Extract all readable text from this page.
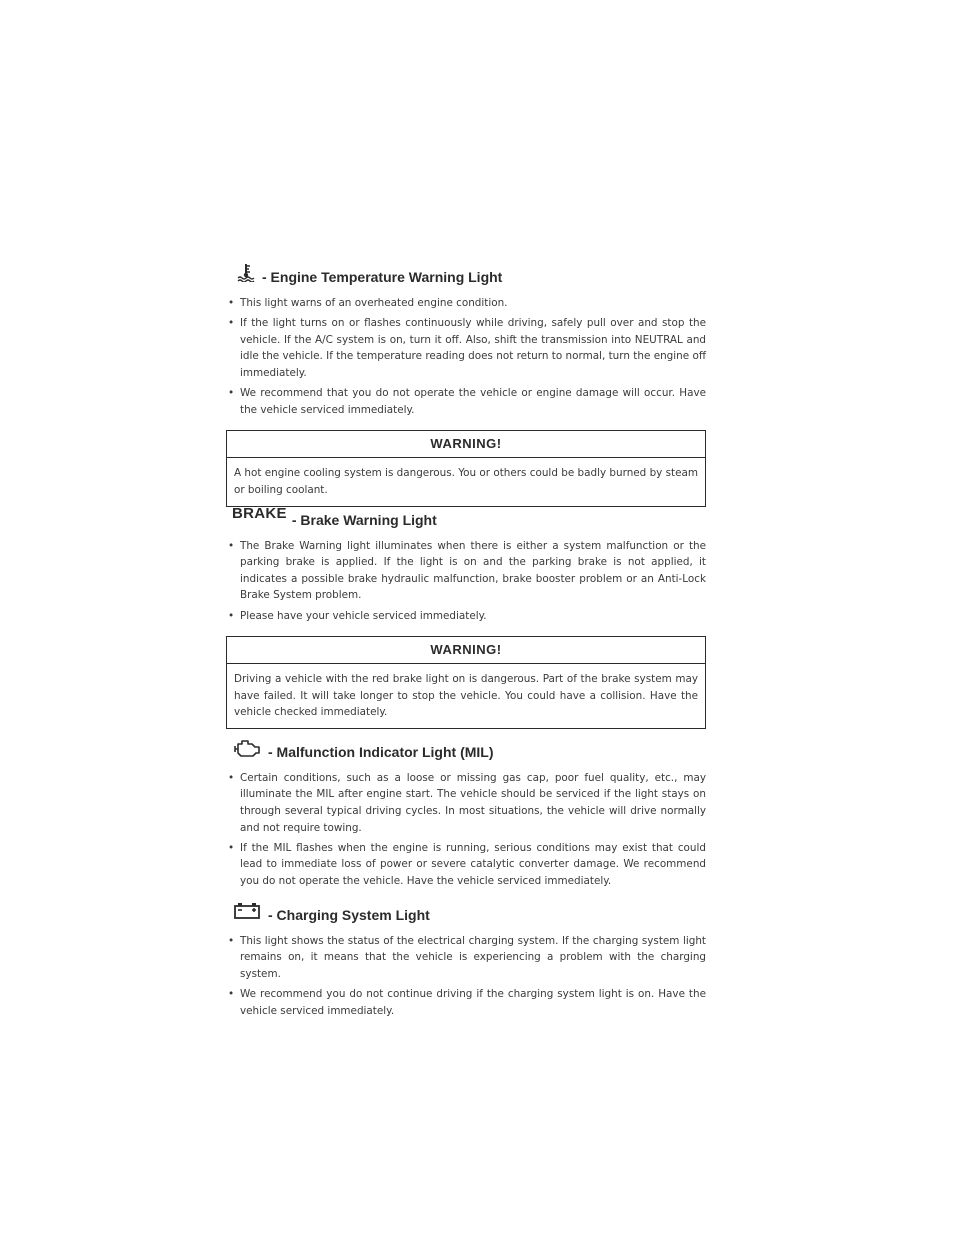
- Engine Temperature Warning Light
• This light warns of an overheated engine condition.
• If the light turns on or flashes continuously while driving, safely pull over and stop the vehicle. If the A/C system is on, turn it off. Also, shift the transmission into NEUTRAL and idle the vehicle. If the temperature reading does not return to normal, turn the engine off immediately.
• We recommend that you do not operate the vehicle or engine damage will occur. Have the vehicle serviced immediately.
WARNING!
A hot engine cooling system is dangerous. You or others could be badly burned by steam or boiling coolant.
BRAKE - Brake Warning Light
• The Brake Warning light illuminates when there is either a system malfunction or the parking brake is applied. If the light is on and the parking brake is not applied, it indicates a possible brake hydraulic malfunction, brake booster problem or an Anti-Lock Brake System problem.
• Please have your vehicle serviced immediately.
WARNING!
Driving a vehicle with the red brake light on is dangerous. Part of the brake system may have failed. It will take longer to stop the vehicle. You could have a collision. Have the vehicle checked immediately.
- Malfunction Indicator Light (MIL)
• Certain conditions, such as a loose or missing gas cap, poor fuel quality, etc., may illuminate the MIL after engine start. The vehicle should be serviced if the light stays on through several typical driving cycles. In most situations, the vehicle will drive normally and not require towing.
• If the MIL flashes when the engine is running, serious conditions may exist that could lead to immediate loss of power or severe catalytic converter damage. We recommend you do not operate the vehicle. Have the vehicle serviced immediately.
- Charging System Light
• This light shows the status of the electrical charging system. If the charging system light remains on, it means that the vehicle is experiencing a problem with the charging system.
• We recommend you do not continue driving if the charging system light is on. Have the vehicle serviced immediately.
